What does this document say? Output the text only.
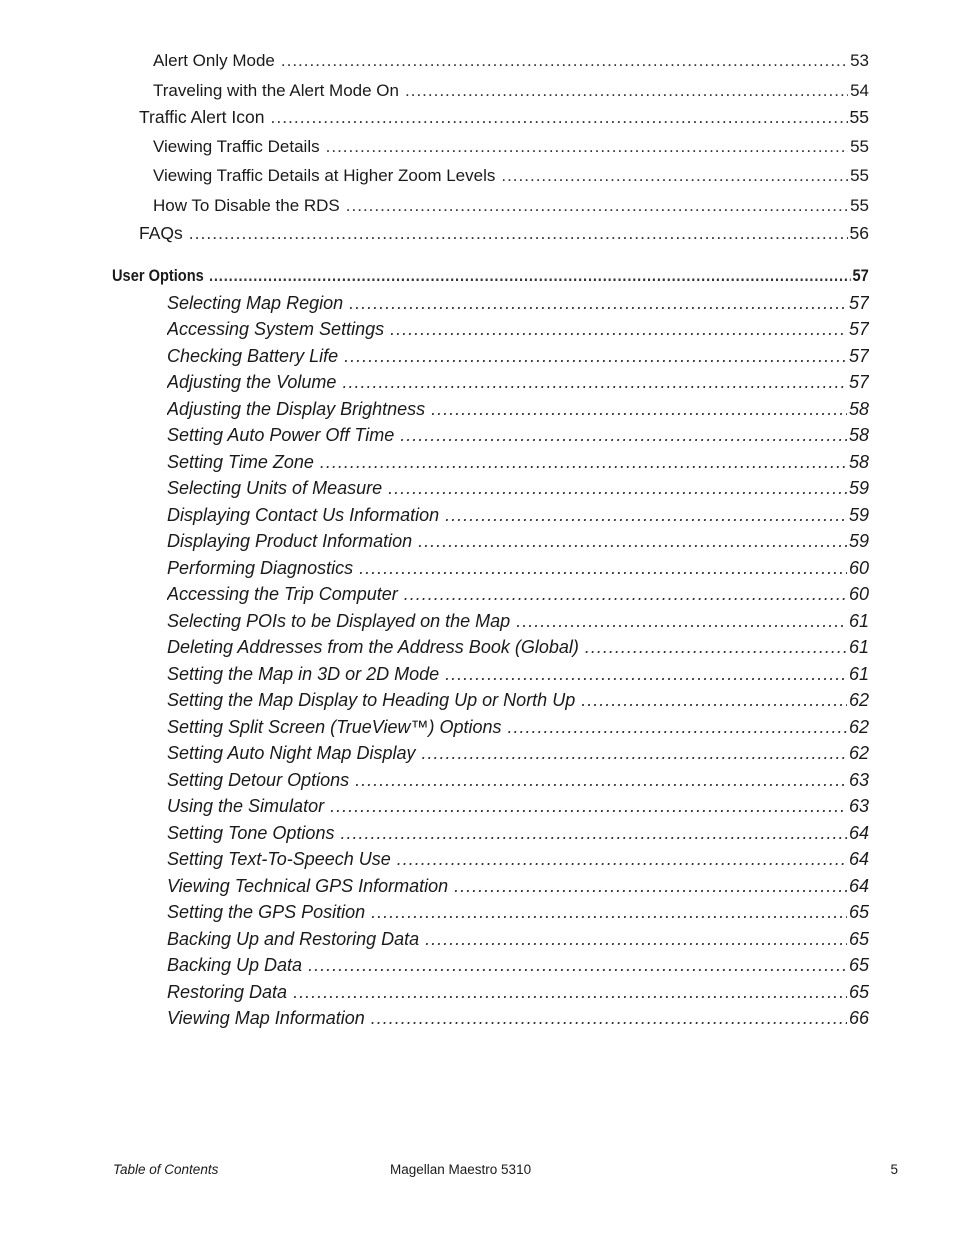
Alert Only Mode .....	53
Traveling with the Alert Mode On .....	54
Traffic Alert Icon .....	55
Viewing Traffic Details .....	55
Viewing Traffic Details at Higher Zoom Levels .....	55
How To Disable the RDS .....	55
FAQs .....	56
User Options .....	57
Selecting Map Region .....	57
Accessing System Settings .....	57
Checking Battery Life .....	57
Adjusting the Volume .....	57
Adjusting the Display Brightness .....	58
Setting Auto Power Off Time .....	58
Setting Time Zone .....	58
Selecting Units of Measure .....	59
Displaying Contact Us Information .....	59
Displaying Product Information .....	59
Performing Diagnostics .....	60
Accessing the Trip Computer .....	60
Selecting POIs to be Displayed on the Map .....	61
Deleting Addresses from the Address Book (Global) .....	61
Setting the Map in 3D or 2D Mode .....	61
Setting the Map Display to Heading Up or North Up .....	62
Setting Split Screen (TrueView™) Options .....	62
Setting Auto Night Map Display .....	62
Setting Detour Options .....	63
Using the Simulator .....	63
Setting Tone Options .....	64
Setting Text-To-Speech Use .....	64
Viewing Technical GPS Information .....	64
Setting the GPS Position .....	65
Backing Up and Restoring Data .....	65
Backing Up Data .....	65
Restoring Data .....	65
Viewing Map Information .....	66
Table of Contents	Magellan Maestro 5310	5
